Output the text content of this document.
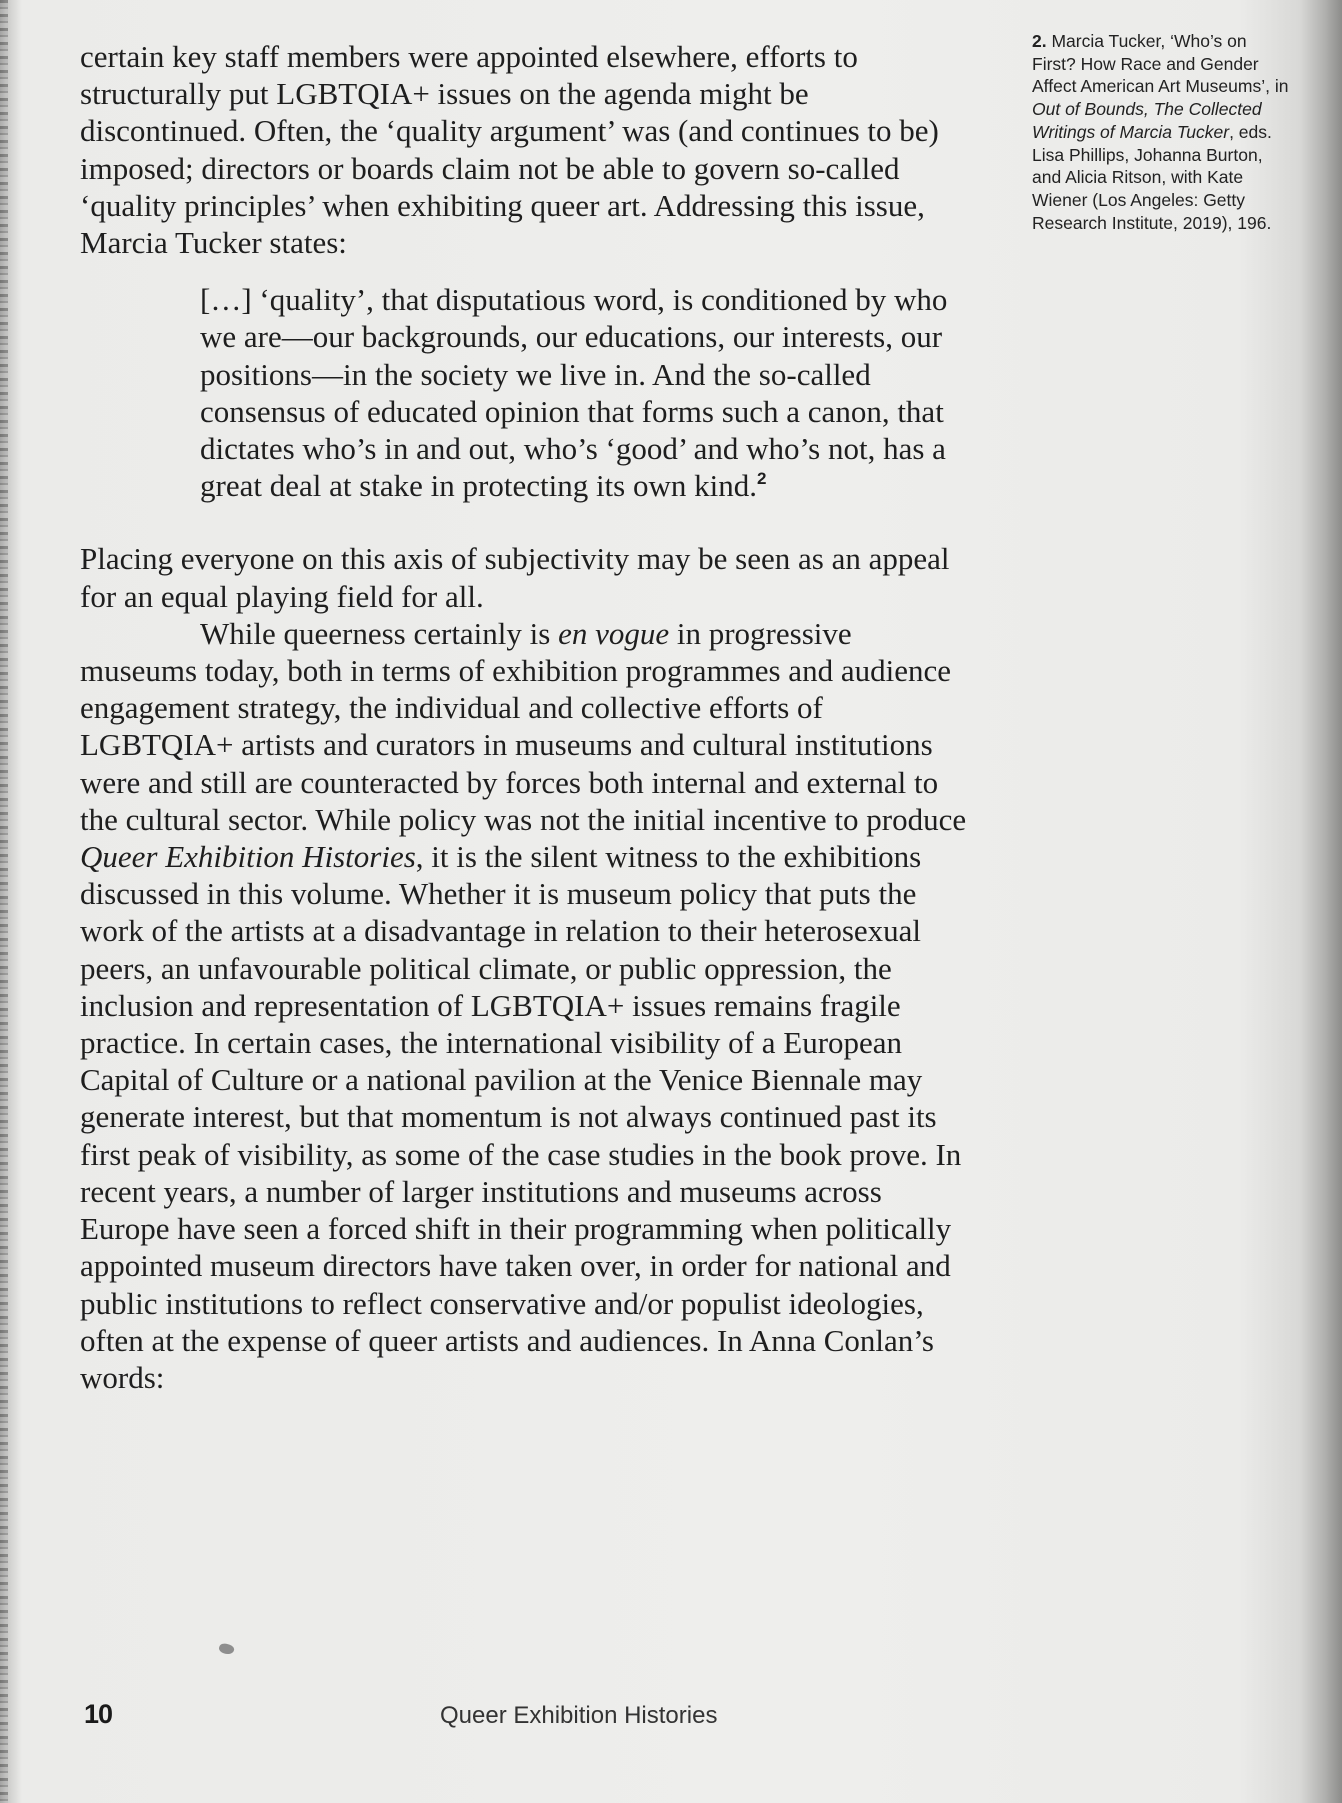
certain key staff members were appointed elsewhere, efforts to structurally put LGBTQIA+ issues on the agenda might be discontinued. Often, the ‘quality argument’ was (and continues to be) imposed; directors or boards claim not be able to govern so-called ‘quality principles’ when exhibiting queer art. Addressing this issue, Marcia Tucker states:

[…] ‘quality’, that disputatious word, is conditioned by who we are—our backgrounds, our educations, our interests, our positions—in the society we live in. And the so-called consensus of educated opinion that forms such a canon, that dictates who’s in and out, who’s ‘good’ and who’s not, has a great deal at stake in protecting its own kind.$^2$

Placing everyone on this axis of subjectivity may be seen as an appeal for an equal playing field for all.

While queerness certainly is en vogue in progressive museums today, both in terms of exhibition programmes and audience engagement strategy, the individual and collective efforts of LGBTQIA+ artists and curators in museums and cultural institutions were and still are counteracted by forces both internal and external to the cultural sector. While policy was not the initial incentive to produce Queer Exhibition Histories, it is the silent witness to the exhibitions discussed in this volume. Whether it is museum policy that puts the work of the artists at a disadvantage in relation to their heterosexual peers, an unfavourable political climate, or public oppression, the inclusion and representation of LGBTQIA+ issues remains fragile practice. In certain cases, the international visibility of a European Capital of Culture or a national pavilion at the Venice Biennale may generate interest, but that momentum is not always continued past its first peak of visibility, as some of the case studies in the book prove. In recent years, a number of larger institutions and museums across Europe have seen a forced shift in their programming when politically appointed museum directors have taken over, in order for national and public institutions to reflect conservative and/or populist ideologies, often at the expense of queer artists and audiences. In Anna Conlan’s words:

2. Marcia Tucker, ‘Who’s on First? How Race and Gender Affect American Art Museums’, in Out of Bounds, The Collected Writings of Marcia Tucker, eds. Lisa Phillips, Johanna Burton, and Alicia Ritson, with Kate Wiener (Los Angeles: Getty Research Institute, 2019), 196.
10	Queer Exhibition Histories
